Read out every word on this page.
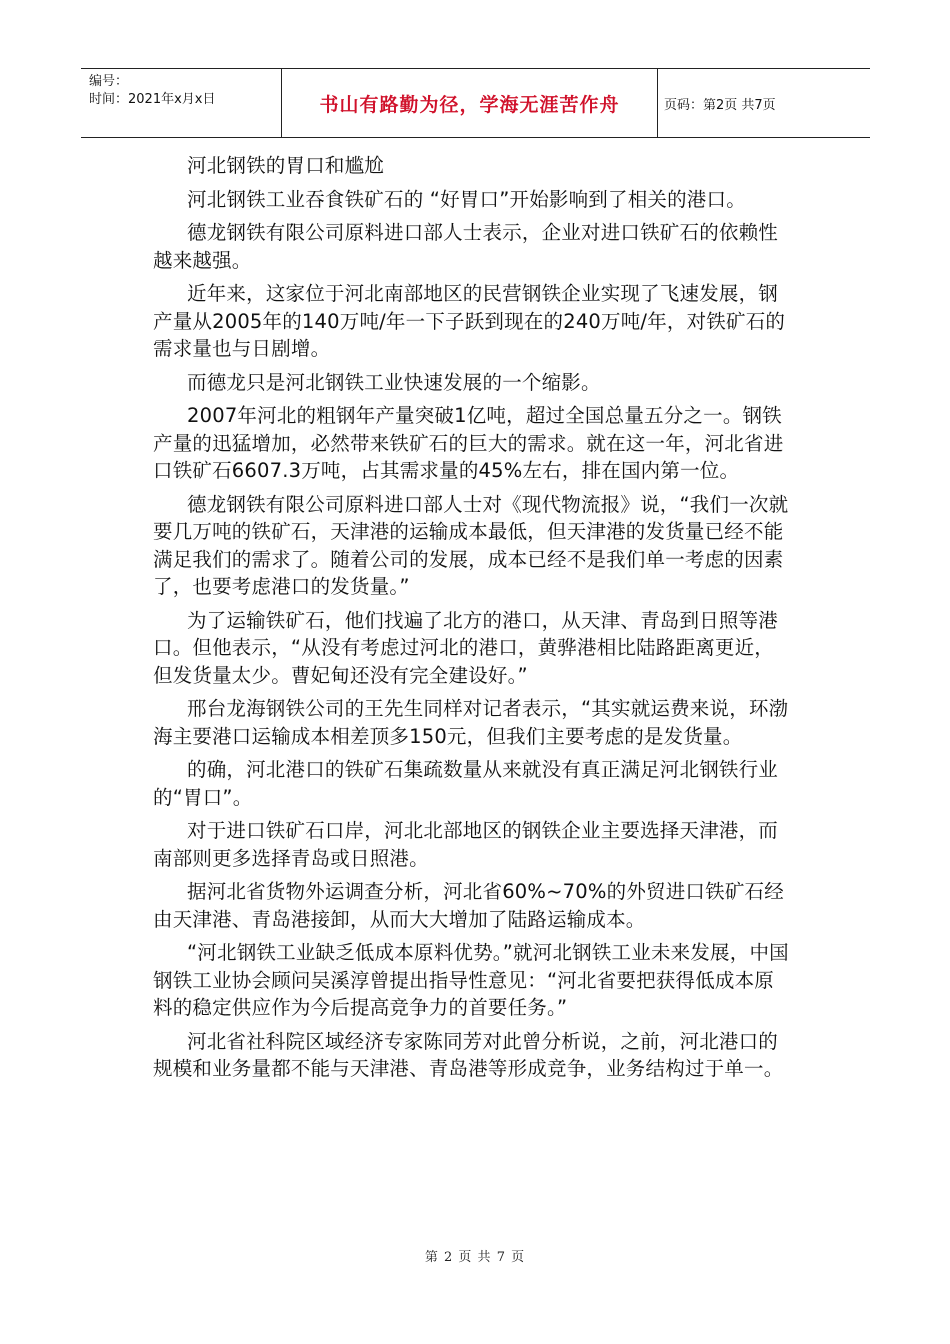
编号：
时间：2021年x月x日	书山有路勤为径，学海无涯苦作舟	页码：第2页 共7页

河北钢铁的胃口和尴尬

河北钢铁工业吞食铁矿石的 “好胃口”开始影响到了相关的港口。

德龙钢铁有限公司原料进口部人士表示，企业对进口铁矿石的依赖性越来越强。

近年来，这家位于河北南部地区的民营钢铁企业实现了飞速发展，钢产量从2005年的140万吨/年一下子跃到现在的240万吨/年，对铁矿石的需求量也与日剧增。

而德龙只是河北钢铁工业快速发展的一个缩影。

2007年河北的粗钢年产量突破1亿吨，超过全国总量五分之一。钢铁产量的迅猛增加，必然带来铁矿石的巨大的需求。就在这一年，河北省进口铁矿石6607.3万吨，占其需求量的45%左右，排在国内第一位。

德龙钢铁有限公司原料进口部人士对《现代物流报》说，“我们一次就要几万吨的铁矿石，天津港的运输成本最低，但天津港的发货量已经不能满足我们的需求了。随着公司的发展，成本已经不是我们单一考虑的因素了，也要考虑港口的发货量。”

为了运输铁矿石，他们找遍了北方的港口，从天津、青岛到日照等港口。但他表示，“从没有考虑过河北的港口，黄骅港相比陆路距离更近，但发货量太少。曹妃甸还没有完全建设好。”

邢台龙海钢铁公司的王先生同样对记者表示，“其实就运费来说，环渤海主要港口运输成本相差顶多150元，但我们主要考虑的是发货量。

的确，河北港口的铁矿石集疏数量从来就没有真正满足河北钢铁行业的“胃口”。

对于进口铁矿石口岸，河北北部地区的钢铁企业主要选择天津港，而南部则更多选择青岛或日照港。

据河北省货物外运调查分析，河北省60%~70%的外贸进口铁矿石经由天津港、青岛港接卸，从而大大增加了陆路运输成本。

“河北钢铁工业缺乏低成本原料优势。”就河北钢铁工业未来发展，中国钢铁工业协会顾问吴溪淳曾提出指导性意见：“河北省要把获得低成本原料的稳定供应作为今后提高竞争力的首要任务。”

河北省社科院区域经济专家陈同芳对此曾分析说，之前，河北港口的规模和业务量都不能与天津港、青岛港等形成竞争，业务结构过于单一。

第 2 页 共 7 页
